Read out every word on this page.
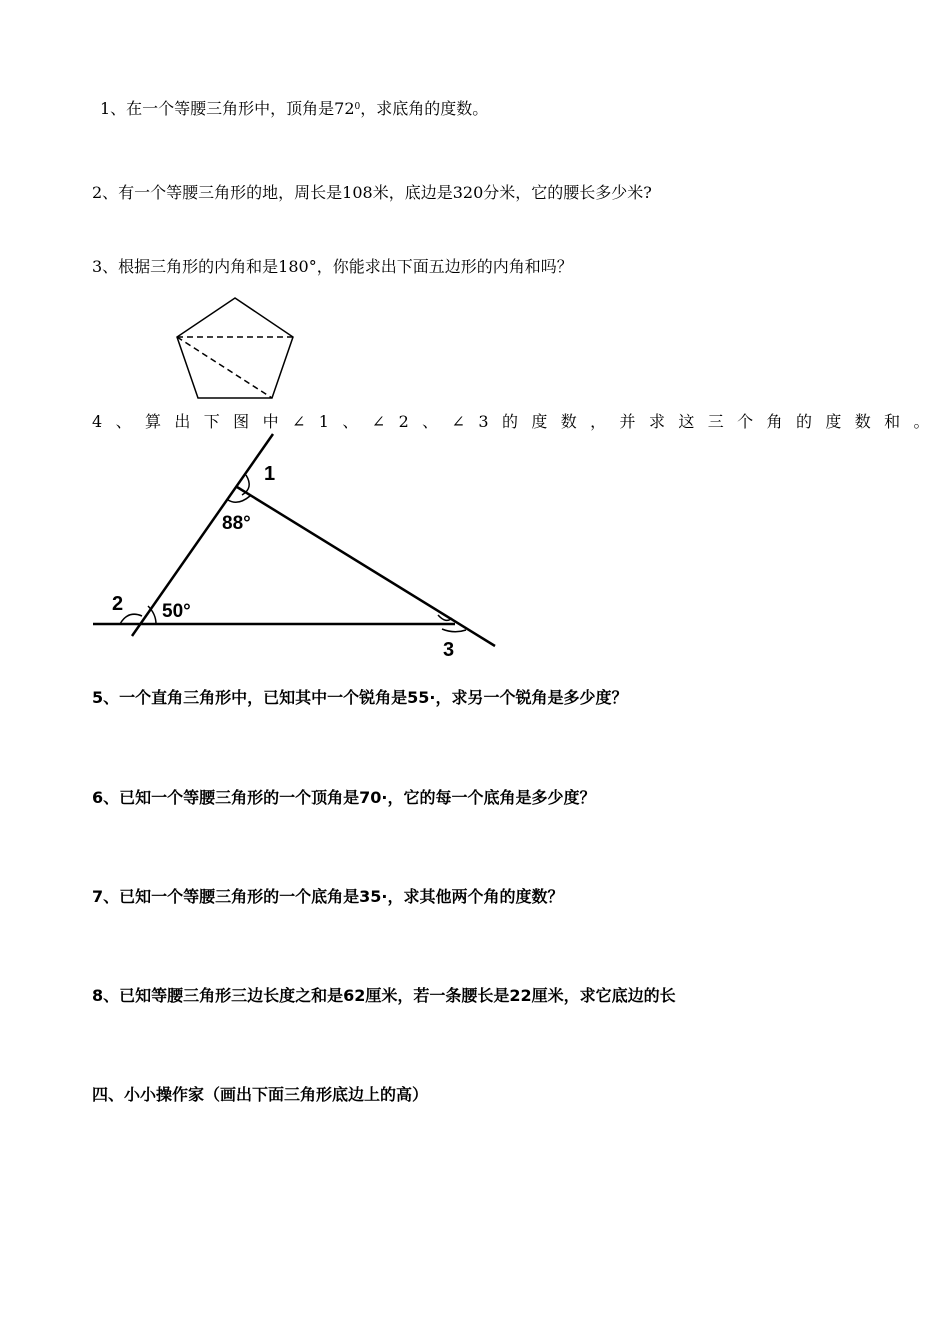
1、在一个等腰三角形中，顶角是$72^0$，求底角的度数。
2、有一个等腰三角形的地，周长是108米，底边是320分米，它的腰长多少米?
3、根据三角形的内角和是180°，你能求出下面五边形的内角和吗？
4、算出下图中∠1、∠2、∠3的度数，并求这三个角的度数和。
1
88°
2 50°
3
5、一个直角三角形中，已知其中一个锐角是55·，求另一个锐角是多少度？
6、已知一个等腰三角形的一个顶角是70·，它的每一个底角是多少度？
7、已知一个等腰三角形的一个底角是35·，求其他两个角的度数？
8、已知等腰三角形三边长度之和是62厘米，若一条腰长是22厘米，求它底边的长
四、小小操作家（画出下面三角形底边上的高）
